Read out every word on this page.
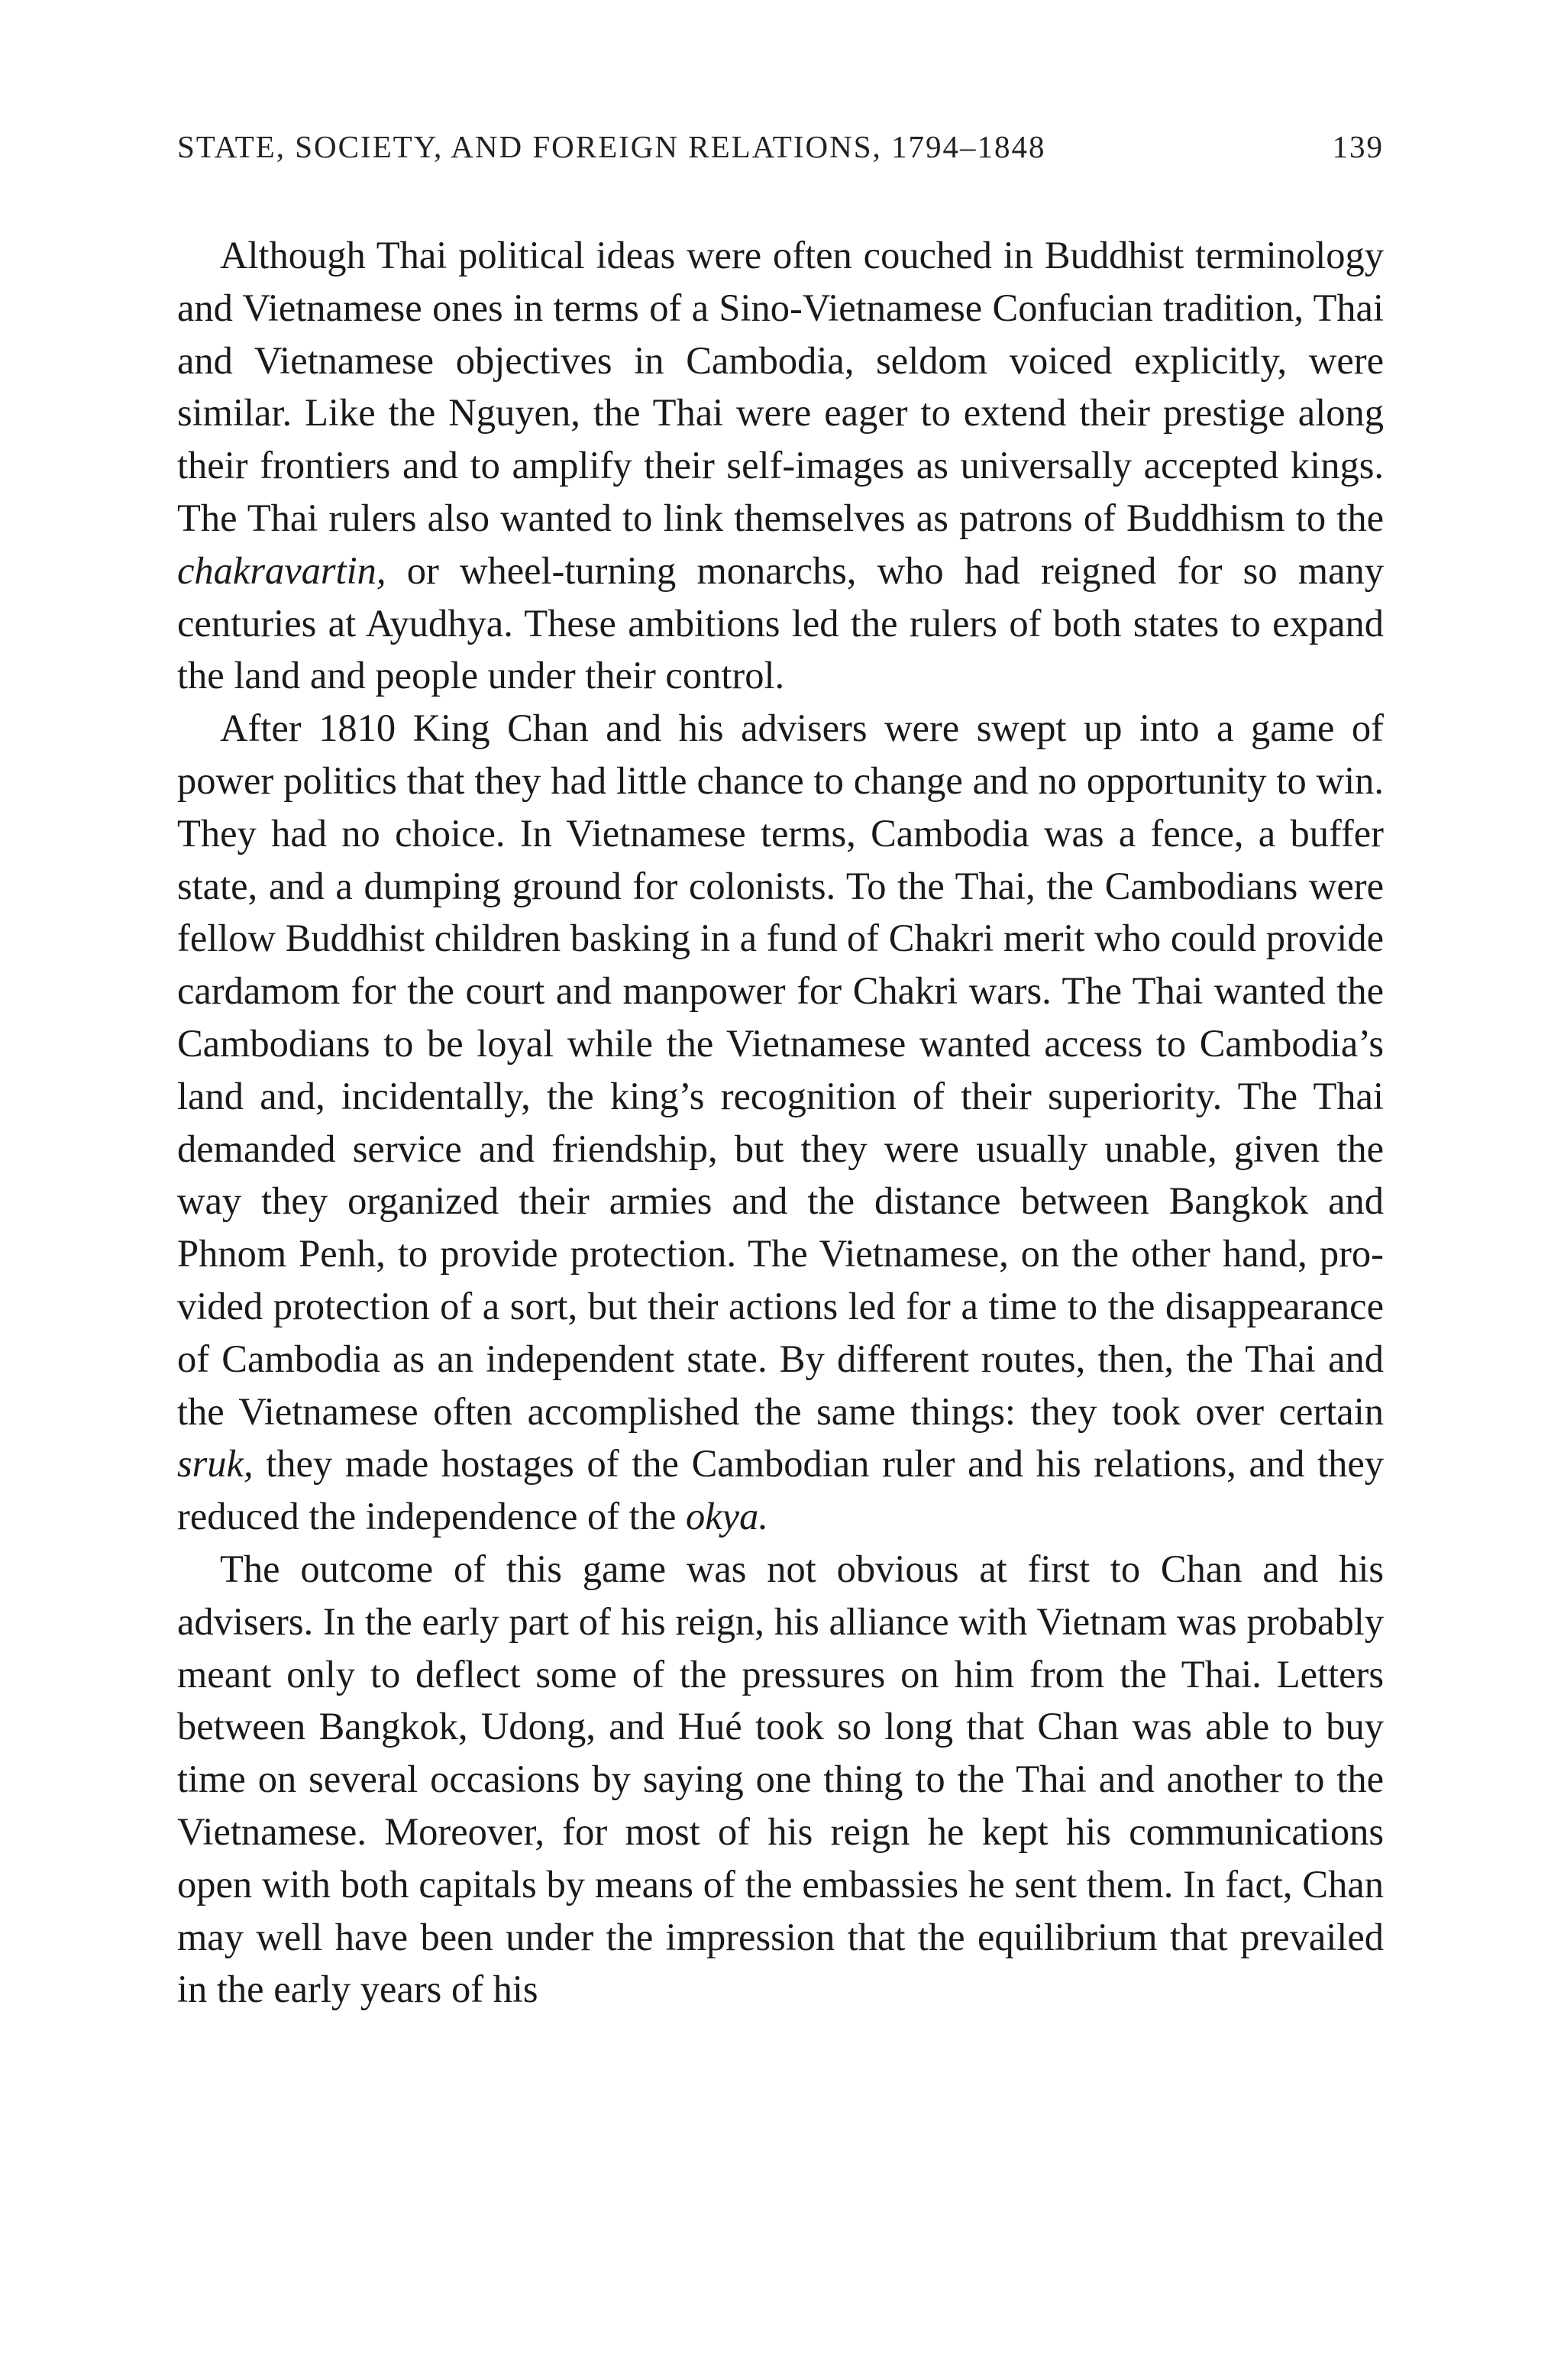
STATE, SOCIETY, AND FOREIGN RELATIONS, 1794–1848	139

Although Thai political ideas were often couched in Buddhist terminology and Vietnamese ones in terms of a Sino-Vietnamese Confucian tradition, Thai and Vietnamese objectives in Cambodia, seldom voiced explicitly, were similar. Like the Nguyen, the Thai were eager to extend their prestige along their frontiers and to amplify their self-images as universally accepted kings. The Thai rulers also wanted to link themselves as patrons of Buddhism to the chakravartin, or wheel-turning monarchs, who had reigned for so many centuries at Ayudhya. These ambitions led the rulers of both states to expand the land and people under their control.

After 1810 King Chan and his advisers were swept up into a game of power politics that they had little chance to change and no opportunity to win. They had no choice. In Vietnamese terms, Cambodia was a fence, a buffer state, and a dumping ground for colonists. To the Thai, the Cambodians were fellow Buddhist children basking in a fund of Chakri merit who could provide cardamom for the court and manpower for Chakri wars. The Thai wanted the Cambodians to be loyal while the Vietnamese wanted access to Cambodia’s land and, incidentally, the king’s recognition of their superiority. The Thai demanded service and friendship, but they were usually unable, given the way they organized their armies and the distance between Bangkok and Phnom Penh, to provide protection. The Vietnamese, on the other hand, provided protection of a sort, but their actions led for a time to the disappearance of Cambodia as an independent state. By different routes, then, the Thai and the Vietnamese often accomplished the same things: they took over certain sruk, they made hostages of the Cambodian ruler and his relations, and they reduced the independence of the okya.

The outcome of this game was not obvious at first to Chan and his advisers. In the early part of his reign, his alliance with Vietnam was probably meant only to deflect some of the pressures on him from the Thai. Letters between Bangkok, Udong, and Hué took so long that Chan was able to buy time on several occasions by saying one thing to the Thai and another to the Vietnamese. Moreover, for most of his reign he kept his communications open with both capitals by means of the embassies he sent them. In fact, Chan may well have been under the impression that the equilibrium that prevailed in the early years of his
